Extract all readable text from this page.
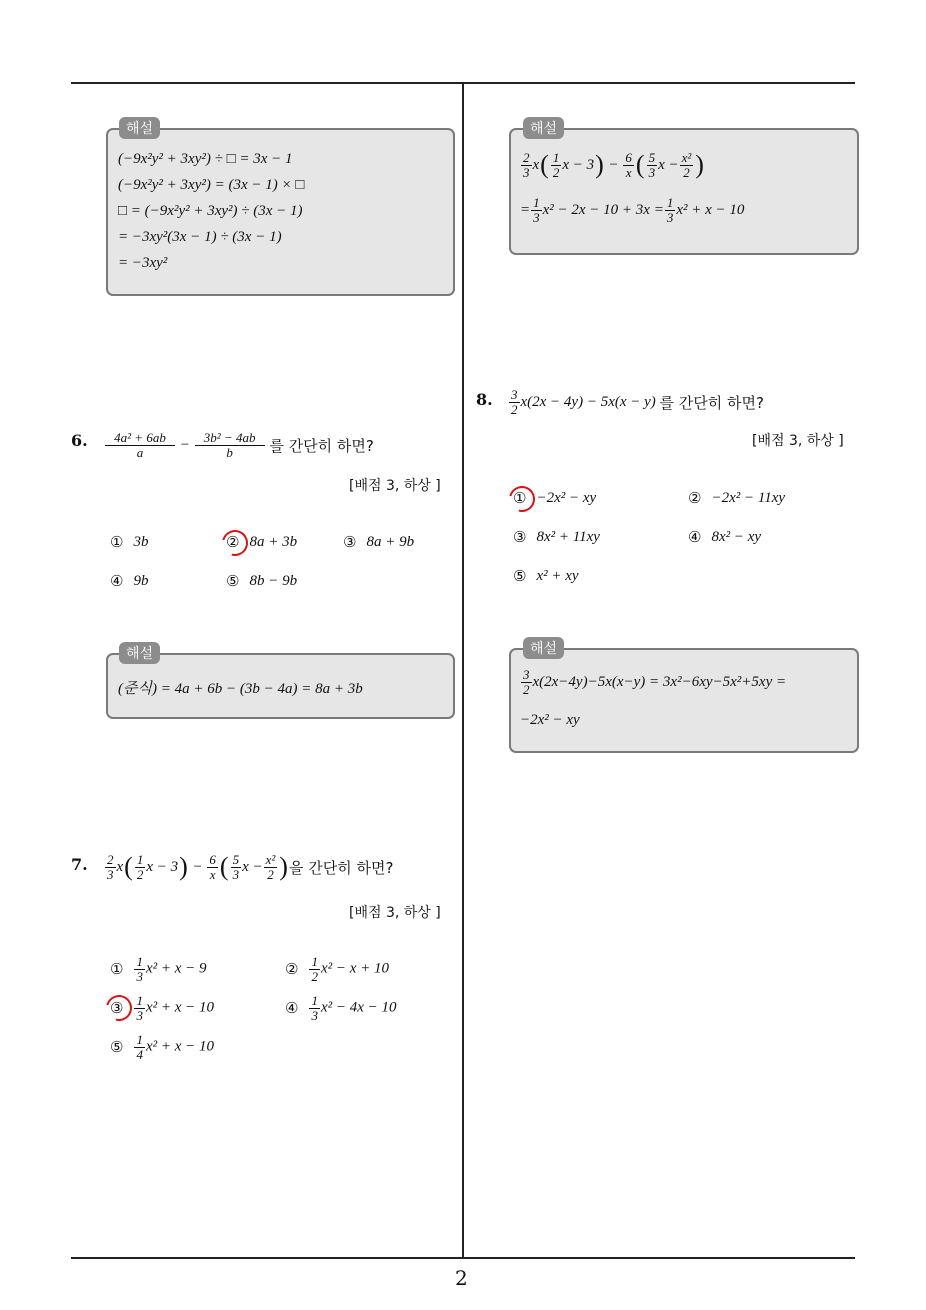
2
해설
(−9x²y² + 3xy²) ÷ □ = 3x − 1
(−9x²y² + 3xy²) = (3x − 1) × □
□ = (−9x²y² + 3xy²) ÷ (3x − 1)
= −3xy²(3x − 1) ÷ (3x − 1)
= −3xy²
해설
$\frac{2}{3}$ x ( $\frac{1}{2}$ x − 3 ) − $\frac{6}{x}$ ( $\frac{5}{3}$ $x - \frac{\text{x²}}{2}$ )
= $\frac{1}{3} x^2 - 2x - 10 + 3x = \frac{1}{3} x^2 + x - 10$
8. $\frac{3}{2} x(2x - 4y) - 5x(x - y)$
를 간단히 하면?
[배점 3, 하상 ]
① −2x² − xy	② −2x² − 11xy
③ 8x² + 11xy	④ 8x² − xy
⑤ x² + xy
해설
$\frac{3}{2} x(2x-4y)-5x(x-y) = 3x^2-6xy-5x^2+5xy$ =
−2x² − xy
6. $\frac{\text{4a² + 6ab}}{a}$
−
$\frac{\text{3b² − 4ab}}{b}$
를 간단히 하면?
[배점 3, 하상 ]
① 3b	② 8a + 3b	③ 8a + 9b
④ 9b	⑤ 8b − 9b
해설
(준식) = 4a + 6b − (3b − 4a) = 8a + 3b
7. $\frac{2}{3}$ x ( $\frac{1}{2}$ x − 3 ) − $\frac{6}{x}$ ( $\frac{5}{3}$ $x - \frac{\text{x²}}{2}$ ) 을 간단히 하면?
[배점 3, 하상 ]
① $\frac{1}{3} x^2 + x - 9$	② $\frac{1}{2} x^2 - x + 10$
③ $\frac{1}{3} x^2 + x - 10$	④ $\frac{1}{3} x^2 - 4x - 10$
⑤ $\frac{1}{4} x^2 + x - 10$
